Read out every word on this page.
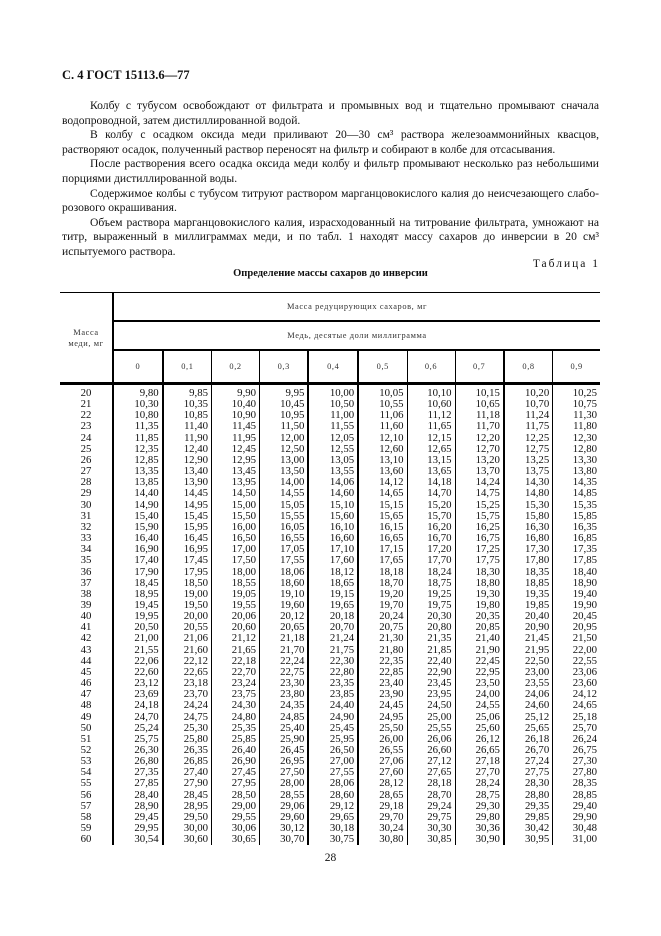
С. 4 ГОСТ 15113.6—77

Колбу с тубусом освобождают от фильтрата и промывных вод и тщательно промывают сначала водопроводной, затем дистиллированной водой.

В колбу с осадком оксида меди приливают 20—30 см³ раствора железоаммонийных квасцов, растворяют осадок, полученный раствор переносят на фильтр и собирают в колбе для отсасывания.

После растворения всего осадка оксида меди колбу и фильтр промывают несколько раз небольшими порциями дистиллированной воды.

Содержимое колбы с тубусом титруют раствором марганцовокислого калия до неисчезающего слабо-розового окрашивания.

Объем раствора марганцовокислого калия, израсходованный на титрование фильтрата, умножают на титр, выраженный в миллиграммах меди, и по табл. 1 находят массу сахаров до инверсии в 20 см³ испытуемого раствора.

Таблица 1
Определение массы сахаров до инверсии
Масса меди, мг	Масса редуцирующих сахаров, мг									
	Медь, десятые доли миллиграмма									
	0	0,1	0,2	0,3	0,4	0,5	0,6	0,7	0,8	0,9
20	9,80	9,85	9,90	9,95	10,00	10,05	10,10	10,15	10,20	10,25
21	10,30	10,35	10,40	10,45	10,50	10,55	10,60	10,65	10,70	10,75
22	10,80	10,85	10,90	10,95	11,00	11,06	11,12	11,18	11,24	11,30
23	11,35	11,40	11,45	11,50	11,55	11,60	11,65	11,70	11,75	11,80
24	11,85	11,90	11,95	12,00	12,05	12,10	12,15	12,20	12,25	12,30
25	12,35	12,40	12,45	12,50	12,55	12,60	12,65	12,70	12,75	12,80
26	12,85	12,90	12,95	13,00	13,05	13,10	13,15	13,20	13,25	13,30
27	13,35	13,40	13,45	13,50	13,55	13,60	13,65	13,70	13,75	13,80
28	13,85	13,90	13,95	14,00	14,06	14,12	14,18	14,24	14,30	14,35
29	14,40	14,45	14,50	14,55	14,60	14,65	14,70	14,75	14,80	14,85
30	14,90	14,95	15,00	15,05	15,10	15,15	15,20	15,25	15,30	15,35
31	15,40	15,45	15,50	15,55	15,60	15,65	15,70	15,75	15,80	15,85
32	15,90	15,95	16,00	16,05	16,10	16,15	16,20	16,25	16,30	16,35
33	16,40	16,45	16,50	16,55	16,60	16,65	16,70	16,75	16,80	16,85
34	16,90	16,95	17,00	17,05	17,10	17,15	17,20	17,25	17,30	17,35
35	17,40	17,45	17,50	17,55	17,60	17,65	17,70	17,75	17,80	17,85
36	17,90	17,95	18,00	18,06	18,12	18,18	18,24	18,30	18,35	18,40
37	18,45	18,50	18,55	18,60	18,65	18,70	18,75	18,80	18,85	18,90
38	18,95	19,00	19,05	19,10	19,15	19,20	19,25	19,30	19,35	19,40
39	19,45	19,50	19,55	19,60	19,65	19,70	19,75	19,80	19,85	19,90
40	19,95	20,00	20,06	20,12	20,18	20,24	20,30	20,35	20,40	20,45
41	20,50	20,55	20,60	20,65	20,70	20,75	20,80	20,85	20,90	20,95
42	21,00	21,06	21,12	21,18	21,24	21,30	21,35	21,40	21,45	21,50
43	21,55	21,60	21,65	21,70	21,75	21,80	21,85	21,90	21,95	22,00
44	22,06	22,12	22,18	22,24	22,30	22,35	22,40	22,45	22,50	22,55
45	22,60	22,65	22,70	22,75	22,80	22,85	22,90	22,95	23,00	23,06
46	23,12	23,18	23,24	23,30	23,35	23,40	23,45	23,50	23,55	23,60
47	23,69	23,70	23,75	23,80	23,85	23,90	23,95	24,00	24,06	24,12
48	24,18	24,24	24,30	24,35	24,40	24,45	24,50	24,55	24,60	24,65
49	24,70	24,75	24,80	24,85	24,90	24,95	25,00	25,06	25,12	25,18
50	25,24	25,30	25,35	25,40	25,45	25,50	25,55	25,60	25,65	25,70
51	25,75	25,80	25,85	25,90	25,95	26,00	26,06	26,12	26,18	26,24
52	26,30	26,35	26,40	26,45	26,50	26,55	26,60	26,65	26,70	26,75
53	26,80	26,85	26,90	26,95	27,00	27,06	27,12	27,18	27,24	27,30
54	27,35	27,40	27,45	27,50	27,55	27,60	27,65	27,70	27,75	27,80
55	27,85	27,90	27,95	28,00	28,06	28,12	28,18	28,24	28,30	28,35
56	28,40	28,45	28,50	28,55	28,60	28,65	28,70	28,75	28,80	28,85
57	28,90	28,95	29,00	29,06	29,12	29,18	29,24	29,30	29,35	29,40
58	29,45	29,50	29,55	29,60	29,65	29,70	29,75	29,80	29,85	29,90
59	29,95	30,00	30,06	30,12	30,18	30,24	30,30	30,36	30,42	30,48
60	30,54	30,60	30,65	30,70	30,75	30,80	30,85	30,90	30,95	31,00
28
